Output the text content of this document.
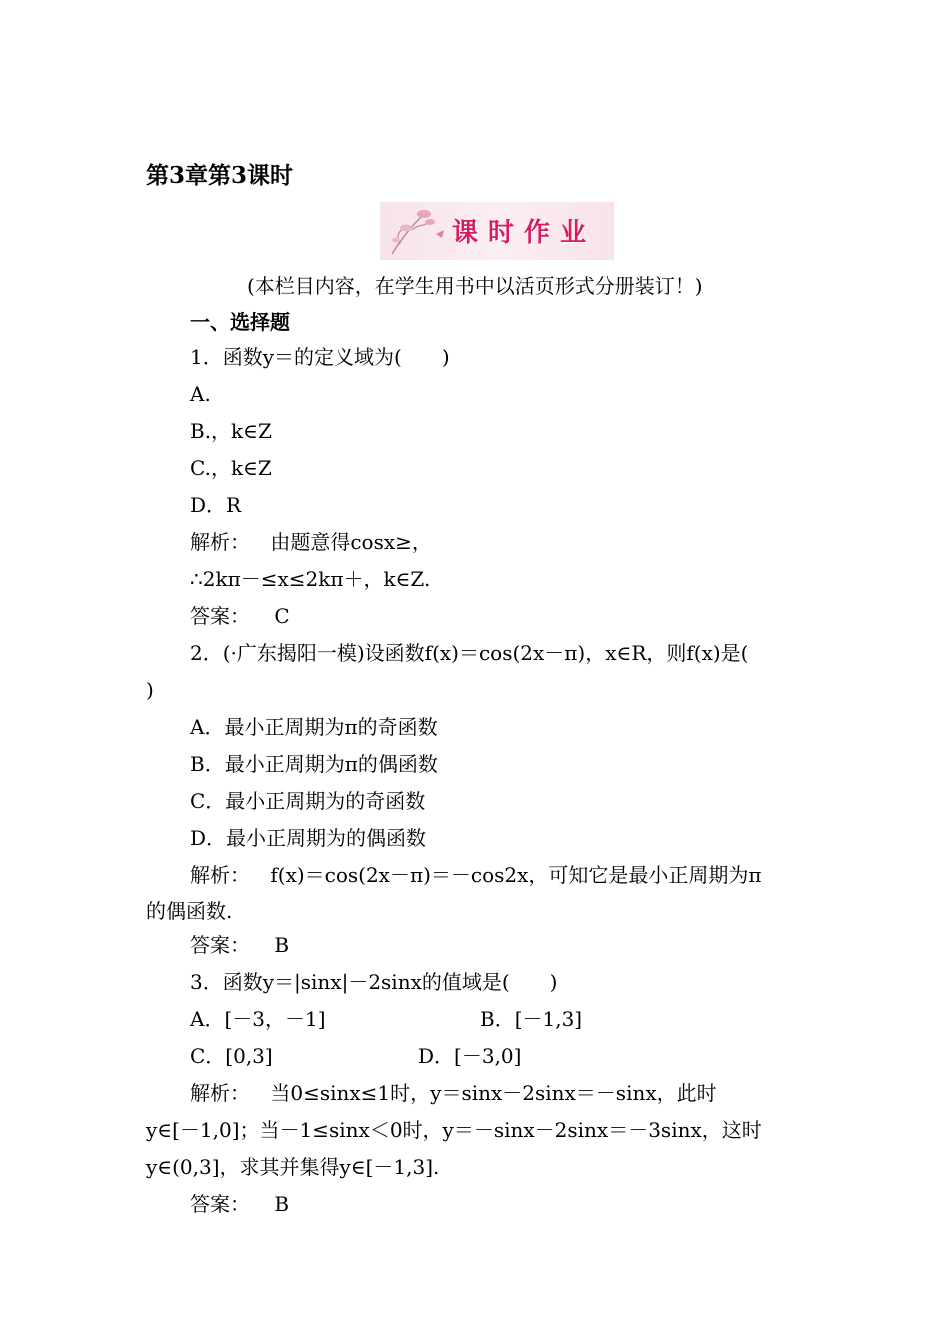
第3章第3课时
课时作业
(本栏目内容，在学生用书中以活页形式分册装订！)
一、选择题
1．函数y＝的定义域为(　　)
A.
B.，k∈Z
C.，k∈Z
D．R
解析： 由题意得cosx≥，
∴2kπ－≤x≤2kπ＋，k∈Z.
答案： C
2．(·广东揭阳一模)设函数f(x)＝cos(2x－π)，x∈R，则f(x)是(
)
A．最小正周期为π的奇函数
B．最小正周期为π的偶函数
C．最小正周期为的奇函数
D．最小正周期为的偶函数
解析： f(x)＝cos(2x－π)＝－cos2x，可知它是最小正周期为π
的偶函数.
答案： B
3．函数y＝|sinx|－2sinx的值域是(　　)
A．[－3，－1]	B．[－1,3]
C．[0,3]	D．[－3,0]
解析： 当0≤sinx≤1时，y＝sinx－2sinx＝－sinx，此时
y∈[－1,0]；当－1≤sinx＜0时，y＝－sinx－2sinx＝－3sinx，这时
y∈(0,3]，求其并集得y∈[－1,3].
答案： B
